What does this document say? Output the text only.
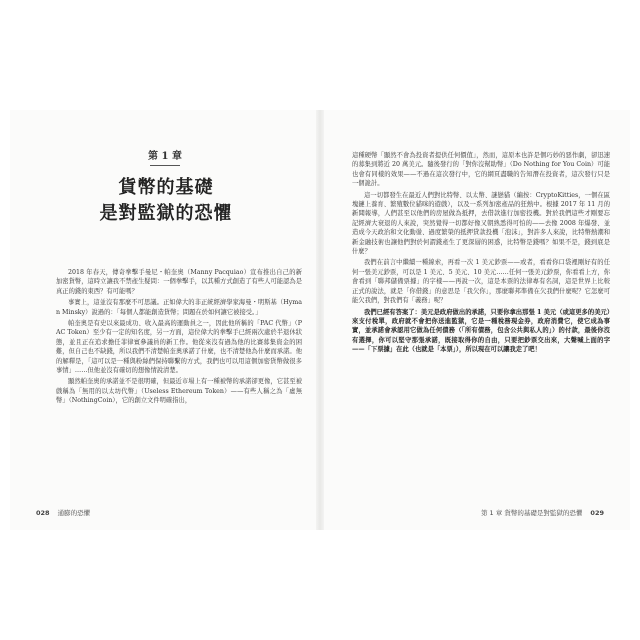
第 1 章
貨幣的基礎
是對監獄的恐懼

2018 年春天，傳奇拳擊手曼尼・帕奎奧（Manny Pacquiao）宣布推出自己的新加密貨幣，這時立讓我不禁產生疑問：一個拳擊手，以其種方式創造了有些人可能認為是真正的錢的東西？有可能嗎？

事實上，這並沒有那麼不可思議。正如偉大的非正統經濟學家海曼・明斯基（Hyman Minsky）說過的：「每個人都能創造貨幣；問題在於如何讓它被接受。」

帕奎奧是有史以來最成功、收入最高的運動員之一，因此他所稱的「PAC 代幣」（PAC Token）至少有一定的知名度，另一方面，這位偉大的拳擊手已經兩次處於半退休狀態，並且正在追求擔任菲律賓參議員的新工作。他從來沒有過為他的比賽募集資金的困難，但自己也不缺錢，所以我們不清楚帕奎奧承諾了什麼，也不清楚他為什麼而承諾。他的解釋是，「這可以是一種與粉絲們保持聯繫的方式，我們也可以用這個加密貨幣做很多事情」……但他並沒有確切的想像情說清楚。

顯然帕奎奧的承諾並不是很明確，但最近市場上有一種被幣的承諾卻更像，它甚至被戲稱為「無用的以太坊代幣」（Useless Ethereum Token）——有些人稱之為「虛無幣」（NothingCoin），它的創立文件明確指出，

這種硬幣「顯然不會為投資者提供任何價值」，然而，這原本也許是個巧妙的惡作劇，卻迅速的募集到將近 20 萬美元。隨後發行的「對你沒幫助幣」（Do Nothing for You Coin）可能也會有同樣的效果——不過在這次發行中，它的網頁盡職的告知潛在投資者，這次發行只是一個詭計。

這一切都發生在最近人們對比特幣、以太幣、謎戀貓（編按：CryptoKitties，一個在區塊鏈上養育、繁殖數位貓咪的遊戲），以及一系列加密產品的狂熱中。根據 2017 年 11 月的新聞報導，人們甚至以他們的房屋做為抵押，去借款進行加密投機。對於我們這些才剛要忘記經濟大衰退的人來說，突然覺得一切都好像又朝熟悉得可怕的——去像 2008 年爆發、並造成今天政治和文化動盪、過度繁榮的抵押貸款投機「泡沫」，對許多人來說，比特幣熱潮和新金融技術也讓他們對於何謂錢產生了更深層的困惑，比特幣是錢嗎？如果不是，錢到底是什麼？

我們在前言中繼續一種線索，再看一次 1 美元鈔票——或者，看看你口袋裡剛好有的任何一張美元鈔票，可以是 1 美元、5 美元、10 美元……任何一張美元鈔票，你看看上方，你會看到「聯邦儲備票據」的字樣——再說一次，這是本票的法律專有名詞，這是世界上比較正式的說法，就是「你借錢」的意思是「我欠你」，那麼聯邦準備在欠我們什麼呢？它怎麼可能欠我們，對我們有「義務」呢？

我們已經有答案了：美元是政府做出的承諾，只要你拿出那張 1 美元（或這更多的美元）來支付稅單，政府就不會把你送進監獄，它是一種稅務現金券，政府消費它，使它成為事實，並承諾會承認用它做為任何債務（「所有債務，包含公共與私人的」）的付款，最後你沒有選擇，你可以堅守那張承諾，既接取得你的自由，只要把鈔票交出來，大聲喊上面的字——「下票據」在此（也就是「本票」），所以現在可以讓我走了吧！

028 通膨的恐懼	第 1 章 貨幣的基礎是對監獄的恐懼 029
